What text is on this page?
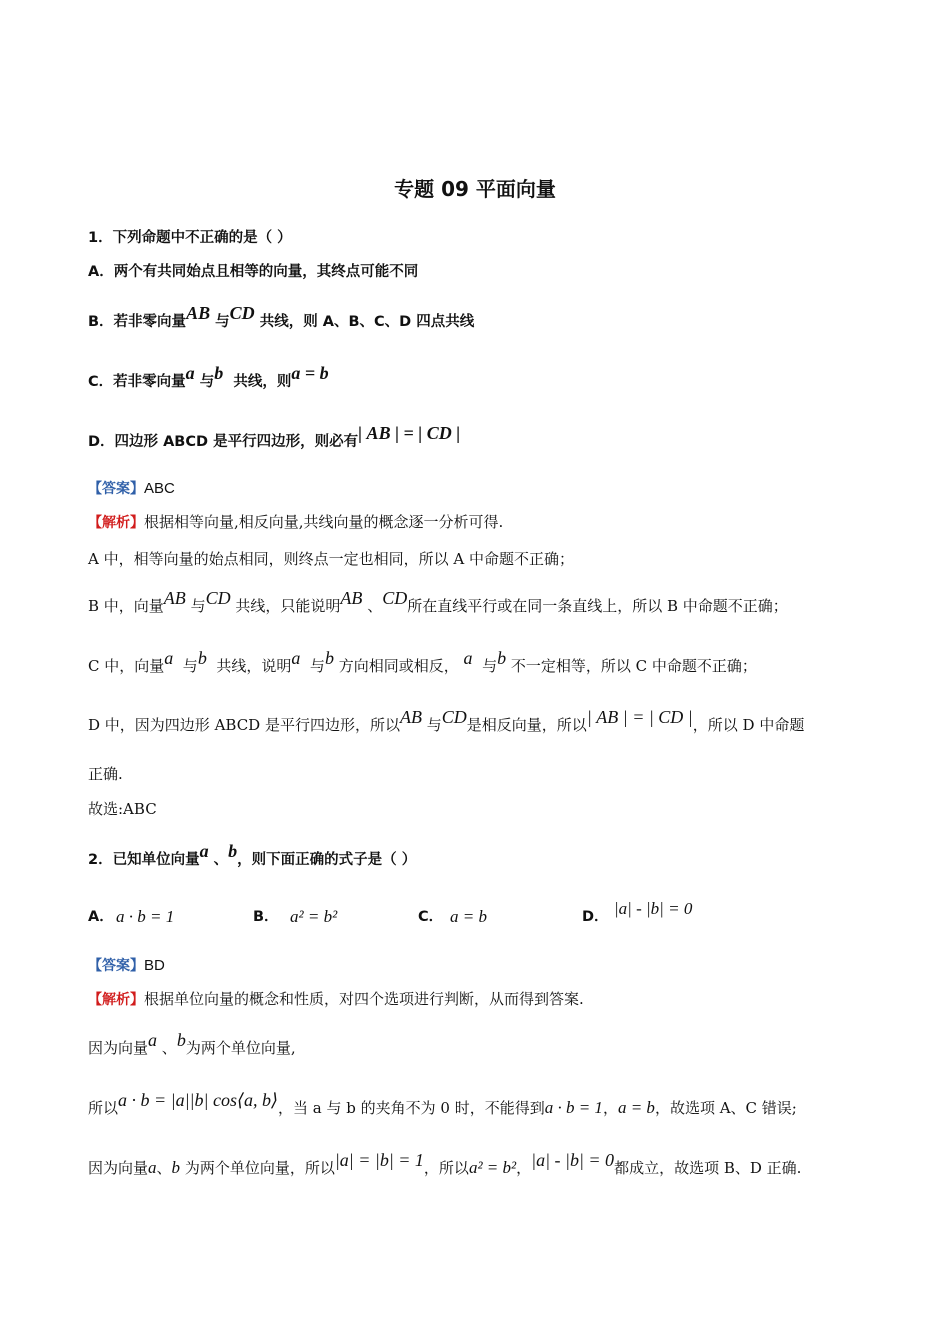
专题 09 平面向量
1．下列命题中不正确的是（ ）
A．两个有共同始点且相等的向量，其终点可能不同
B．若非零向量AB 与CD 共线，则 A、B、C、D 四点共线
C．若非零向量a 与b 共线，则a = b
D．四边形 ABCD 是平行四边形，则必有| AB | = | CD |
【答案】ABC
【解析】根据相等向量,相反向量,共线向量的概念逐一分析可得.
A 中，相等向量的始点相同，则终点一定也相同，所以 A 中命题不正确；
B 中，向量AB 与CD 共线，只能说明AB 、CD所在直线平行或在同一条直线上，所以 B 中命题不正确；
C 中，向量a 与b 共线，说明a 与b 方向相同或相反， a 与b 不一定相等，所以 C 中命题不正确；
D 中，因为四边形 ABCD 是平行四边形，所以AB 与CD是相反向量，所以| AB | = | CD |，所以 D 中命题
正确.
故选:ABC
2．已知单位向量a 、b，则下面正确的式子是（ ）
A． a · b = 1	B． a² = b²	C． a = b	D． |a| - |b| = 0
【答案】BD
【解析】根据单位向量的概念和性质，对四个选项进行判断，从而得到答案.
因为向量a 、b为两个单位向量,
所以a · b = |a||b| cos⟨a, b⟩，当 a 与 b 的夹角不为 0 时，不能得到a · b = 1，a = b，故选项 A、C 错误;
因为向量a、b 为两个单位向量，所以|a| = |b| = 1，所以a² = b²，|a| - |b| = 0都成立，故选项 B、D 正确.
